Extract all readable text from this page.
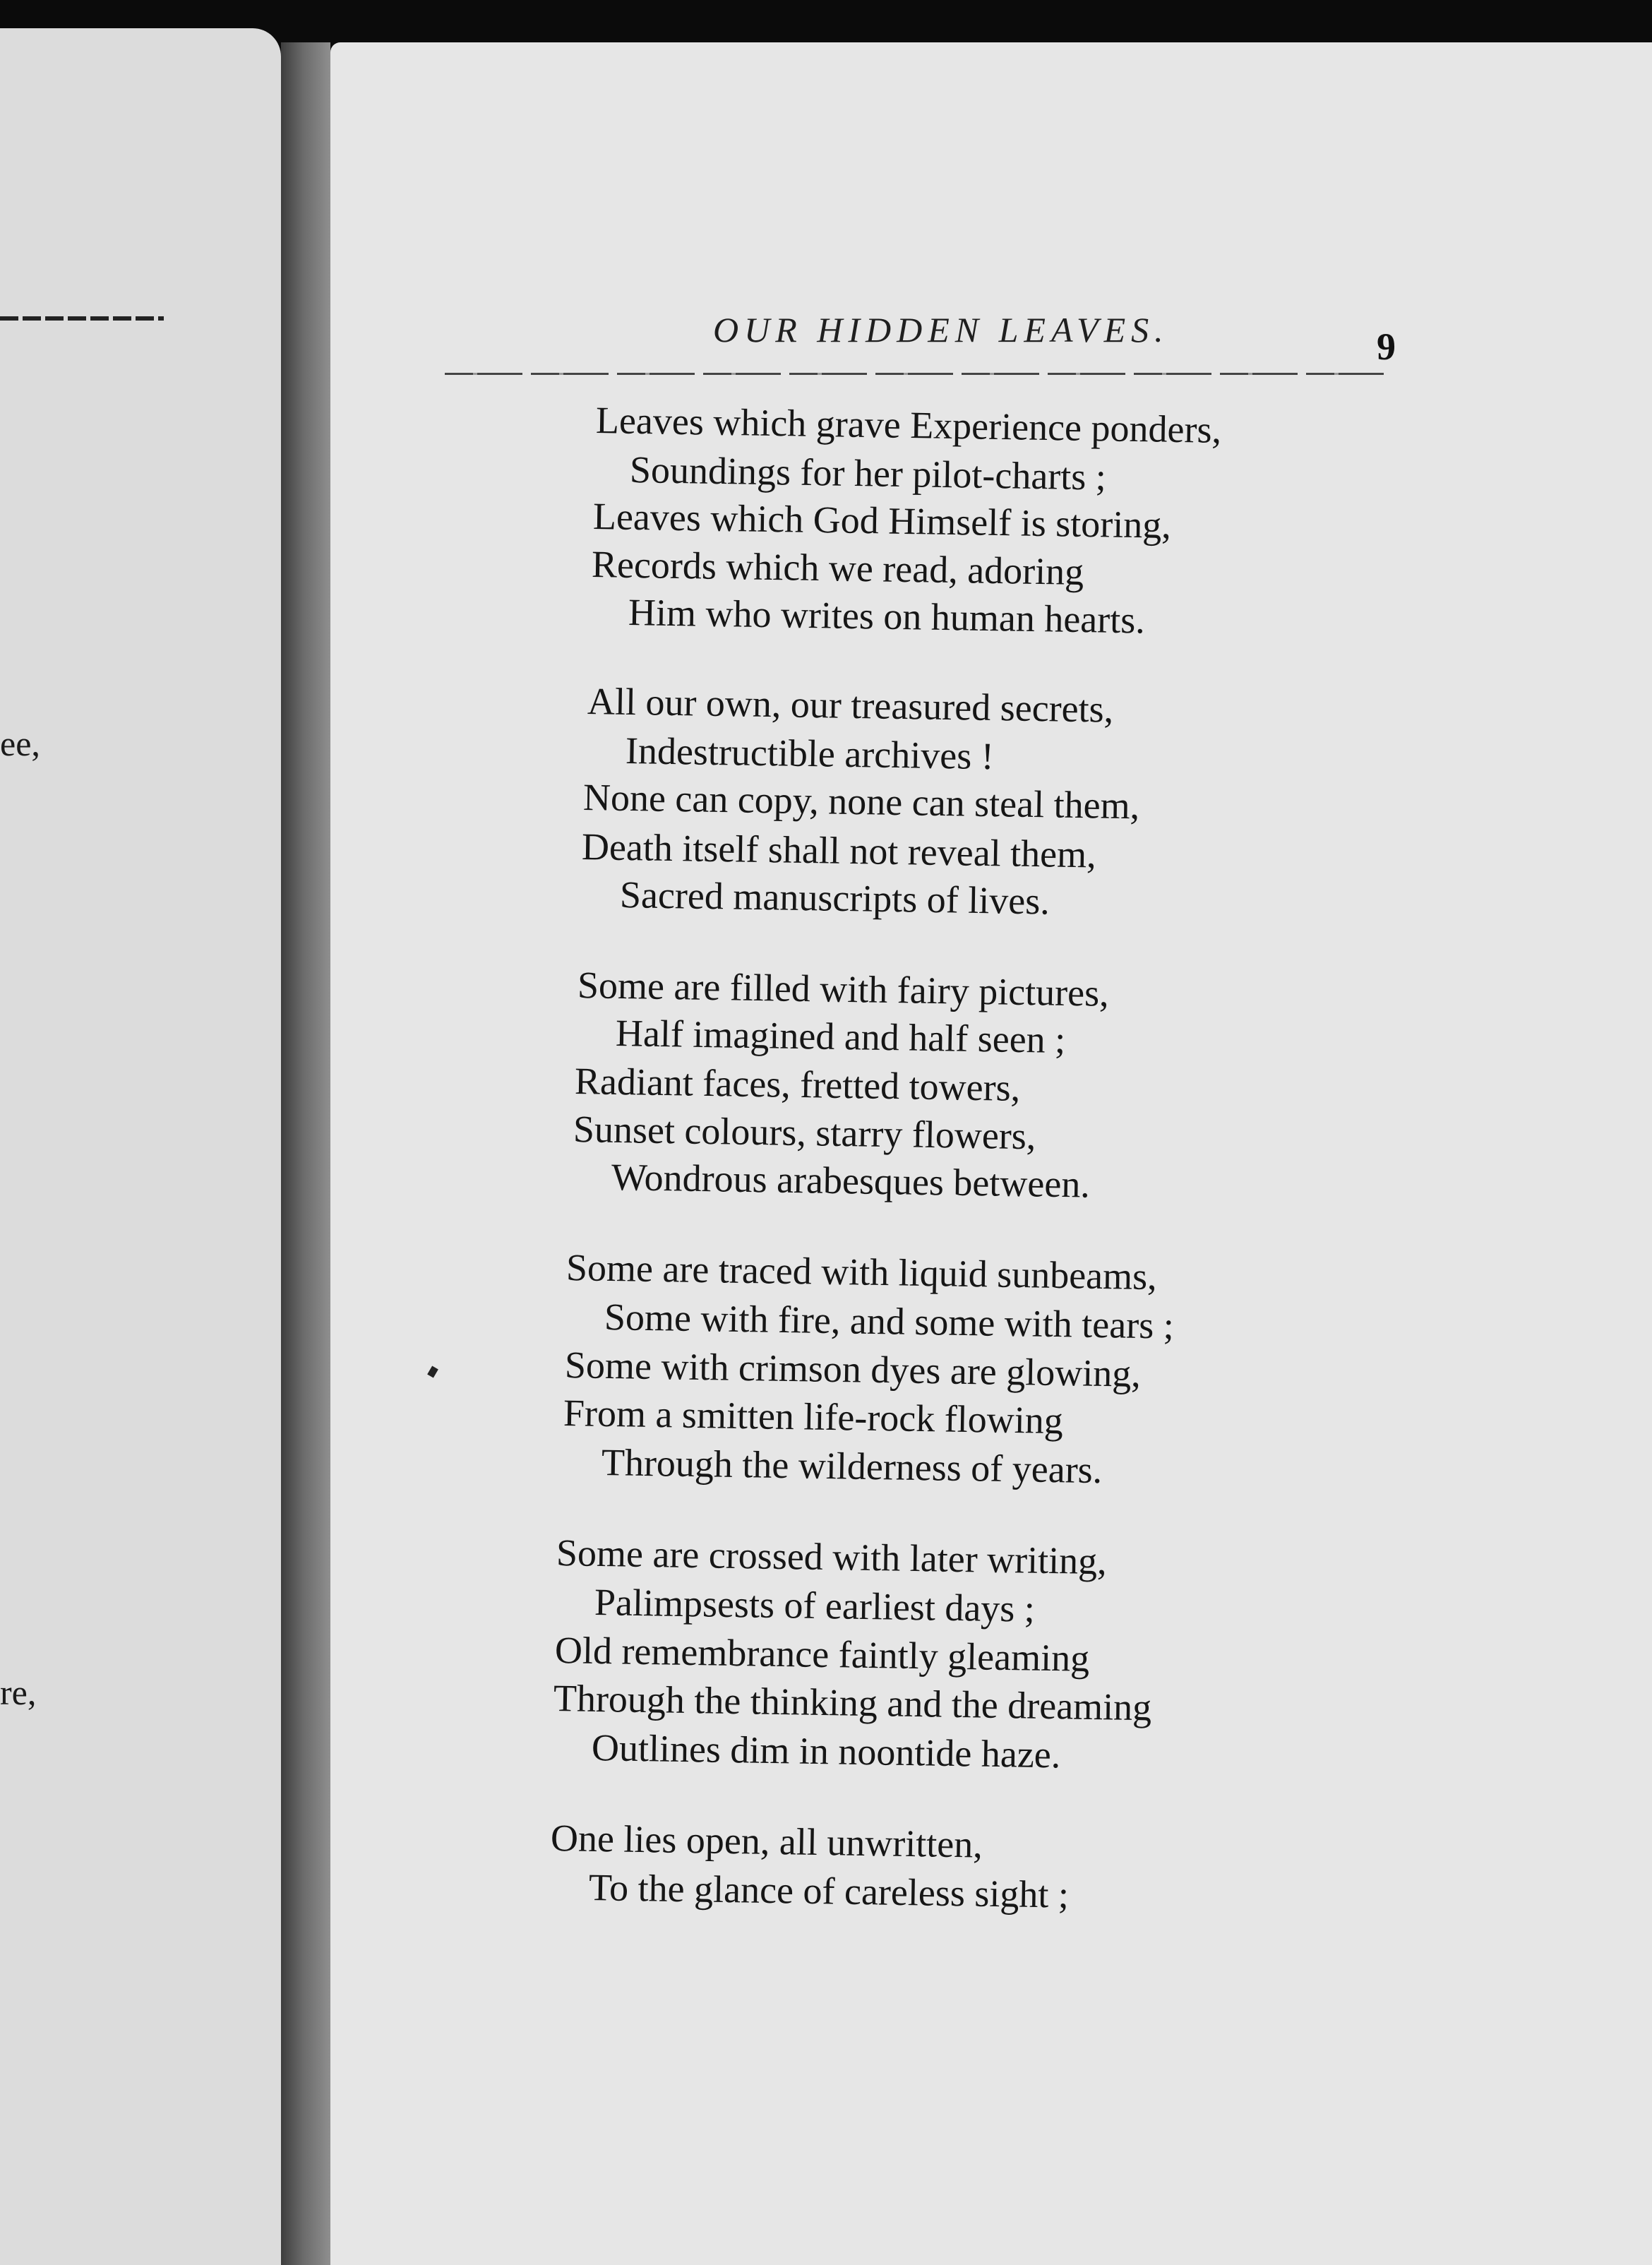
ee,
re,
OUR HIDDEN LEAVES.	9
Leaves which grave Experience ponders,
Soundings for her pilot-charts ;
Leaves which God Himself is storing,
Records which we read, adoring
Him who writes on human hearts.
All our own, our treasured secrets,
Indestructible archives !
None can copy, none can steal them,
Death itself shall not reveal them,
Sacred manuscripts of lives.
Some are filled with fairy pictures,
Half imagined and half seen ;
Radiant faces, fretted towers,
Sunset colours, starry flowers,
Wondrous arabesques between.
Some are traced with liquid sunbeams,
Some with fire, and some with tears ;
Some with crimson dyes are glowing,
From a smitten life-rock flowing
Through the wilderness of years.
Some are crossed with later writing,
Palimpsests of earliest days ;
Old remembrance faintly gleaming
Through the thinking and the dreaming
Outlines dim in noontide haze.
One lies open, all unwritten,
To the glance of careless sight ;
